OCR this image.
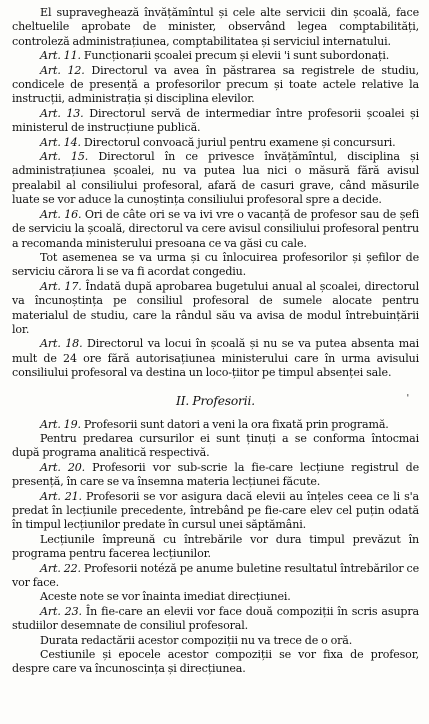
El supraveghează învățămîntul și cele alte servicii din școală, face cheltuelile aprobate de minister, observând legea comptabilități, controleză administrațiunea, comptabilitatea și serviciul internatului.

Art. 11. Funcționarii școalei precum și elevii 'i sunt subordonați.

Art. 12. Directorul va avea în păstrarea sa registrele de studiu, condicele de presență a profesorilor precum și toate actele relative la instrucții, administrația și disciplina elevilor.

Art. 13. Directorul servă de intermediar între profesorii școalei și ministerul de instrucțiune publică.

Art. 14. Directorul convoacă juriul pentru examene și concursuri.

Art. 15. Directorul în ce privesce învățămîntul, disciplina și administrațiunea școalei, nu va putea lua nici o măsură fără avisul prealabil al consiliului profesoral, afară de casuri grave, când măsurile luate se vor aduce la cunoștința consiliului profesoral spre a decide.

Art. 16. Ori de câte ori se va ivi vre o vacanță de profesor sau de șefi de serviciu la școală, directorul va cere avisul consiliului profesoral pentru a recomanda ministerului presoana ce va găsi cu cale.

Tot asemenea se va urma și cu înlocuirea profesorilor și șefilor de serviciu cărora li se va fi acordat congediu.

Art. 17. Îndată după aprobarea bugetului anual al școalei, directorul va încunoștința pe consiliul profesoral de sumele alocate pentru materialul de studiu, care la rândul său va avisa de modul întrebuințării lor.

Art. 18. Directorul va locui în școală și nu se va putea absenta mai mult de 24 ore fără autorisațiunea ministerului care în urma avisului consiliului profesoral va destina un loco-țiitor pe timpul absenței sale.

II. Profesorii.	'

Art. 19. Profesorii sunt datori a veni la ora fixată prin programă.

Pentru predarea cursurilor ei sunt ținuți a se conforma întocmai după programa analitică respectivă.

Art. 20. Profesorii vor sub-scrie la fie-care lecțiune registrul de presență, în care se va însemna materia lecțiunei făcute.

Art. 21. Profesorii se vor asigura dacă elevii au înțeles ceea ce li s'a predat în lecțiunile precedente, întrebând pe fie-care elev cel puțin odată în timpul lecțiunilor predate în cursul unei săptămâni.

Lecțiunile împreună cu întrebările vor dura timpul prevăzut în programa pentru facerea lecțiunilor.

Art. 22. Profesorii notéză pe anume buletine resultatul întrebărilor ce vor face.

Aceste note se vor înainta imediat direcțiunei.

Art. 23. În fie-care an elevii vor face două compoziții în scris asupra studiilor desemnate de consiliul profesoral.

Durata redactării acestor compoziții nu va trece de o oră.

Cestiunile și epocele acestor compoziții se vor fixa de profesor, despre care va încunoscința și direcțiunea.
